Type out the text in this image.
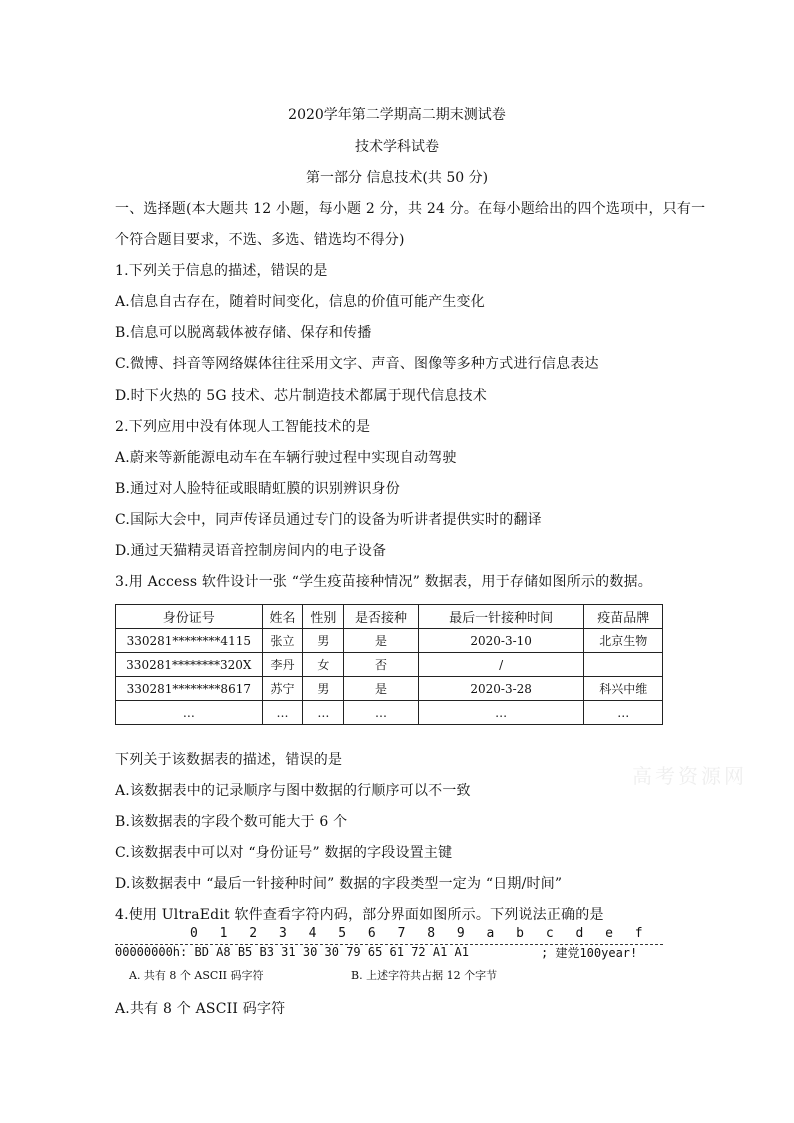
2020学年第二学期高二期末测试卷
技术学科试卷
第一部分 信息技术(共 50 分)
一、选择题(本大题共 12 小题，每小题 2 分，共 24 分。在每小题给出的四个选项中，只有一
个符合题目要求，不选、多选、错选均不得分)
1.下列关于信息的描述，错误的是
A.信息自古存在，随着时间变化，信息的价值可能产生变化
B.信息可以脱离载体被存储、保存和传播
C.微博、抖音等网络媒体往往采用文字、声音、图像等多种方式进行信息表达
D.时下火热的 5G 技术、芯片制造技术都属于现代信息技术
2.下列应用中没有体现人工智能技术的是
A.蔚来等新能源电动车在车辆行驶过程中实现自动驾驶
B.通过对人脸特征或眼睛虹膜的识别辨识身份
C.国际大会中，同声传译员通过专门的设备为听讲者提供实时的翻译
D.通过天猫精灵语音控制房间内的电子设备
3.用 Access 软件设计一张 “学生疫苗接种情况” 数据表，用于存储如图所示的数据。
身份证号	姓名	性别	是否接种	最后一针接种时间	疫苗品牌
330281********4115	张立	男	是	2020-3-10	北京生物
330281********320X	李丹	女	否	/	
330281********8617	苏宁	男	是	2020-3-28	科兴中维
…	…	…	…	…	…
下列关于该数据表的描述，错误的是
高考资源网
A.该数据表中的记录顺序与图中数据的行顺序可以不一致
B.该数据表的字段个数可能大于 6 个
C.该数据表中可以对 “身份证号” 数据的字段设置主键
D.该数据表中 “最后一针接种时间” 数据的字段类型一定为 “日期/时间”
4.使用 UltraEdit 软件查看字符内码，部分界面如图所示。下列说法正确的是
0 1 2 3 4 5 6 7 8 9 a b c d e f
00000000h: BD A8 B5 B3 31 30 30 79 65 61 72 A1 A1	; 建党100year!
A. 共有 8 个 ASCII 码字符	B. 上述字符共占据 12 个字节
A.共有 8 个 ASCII 码字符
